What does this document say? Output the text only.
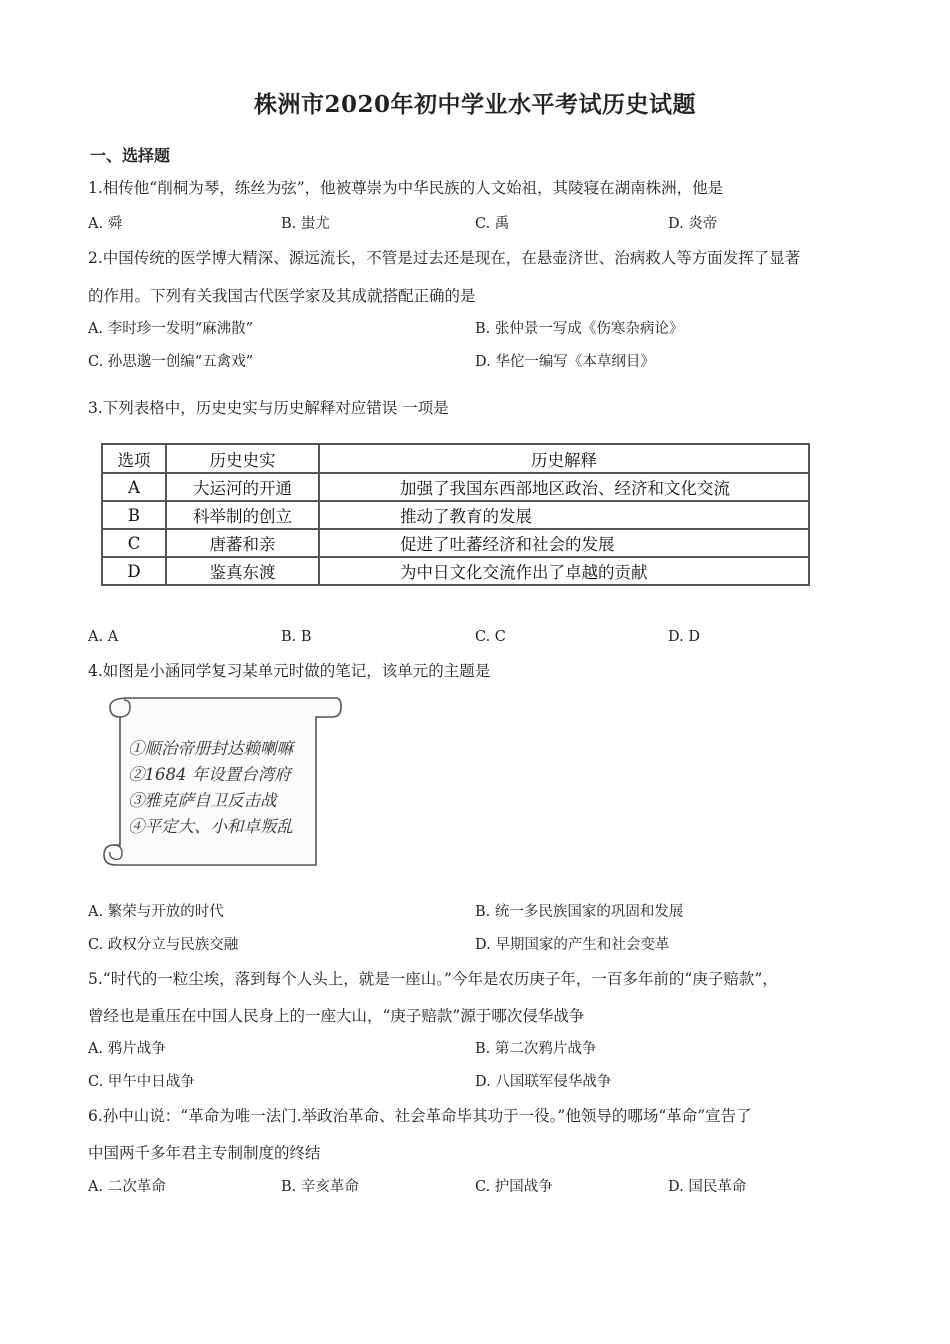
株洲市2020年初中学业水平考试历史试题
一、选择题
1.相传他“削桐为琴，练丝为弦”，他被尊崇为中华民族的人文始祖，其陵寝在湖南株洲，他是
A. 舜	B. 蚩尤	C. 禹	D. 炎帝
2.中国传统的医学博大精深、源远流长，不管是过去还是现在，在悬壶济世、治病救人等方面发挥了显著
的作用。下列有关我国古代医学家及其成就搭配正确的是
A. 李时珍一发明“麻沸散”	B. 张仲景一写成《伤寒杂病论》
C. 孙思邈一创编“五禽戏”	D. 华佗一编写《本草纲目》
3.下列表格中，历史史实与历史解释对应错误 一项是
选项	历史史实	历史解释
A	大运河的开通	加强了我国东西部地区政治、经济和文化交流
B	科举制的创立	推动了教育的发展
C	唐蕃和亲	促进了吐蕃经济和社会的发展
D	鉴真东渡	为中日文化交流作出了卓越的贡献
A. A	B. B	C. C	D. D
4.如图是小涵同学复习某单元时做的笔记，该单元的主题是
①顺治帝册封达赖喇嘛
②1684 年设置台湾府
③雅克萨自卫反击战
④平定大、小和卓叛乱
A. 繁荣与开放的时代	B. 统一多民族国家的巩固和发展
C. 政权分立与民族交融	D. 早期国家的产生和社会变革
5.“时代的一粒尘埃，落到每个人头上，就是一座山。”今年是农历庚子年，一百多年前的“庚子赔款”，
曾经也是重压在中国人民身上的一座大山，“庚子赔款”源于哪次侵华战争
A. 鸦片战争	B. 第二次鸦片战争
C. 甲午中日战争	D. 八国联军侵华战争
6.孙中山说：“革命为唯一法门.举政治革命、社会革命毕其功于一役。”他领导的哪场“革命”宣告了
中国两千多年君主专制制度的终结
A. 二次革命	B. 辛亥革命	C. 护国战争	D. 国民革命
